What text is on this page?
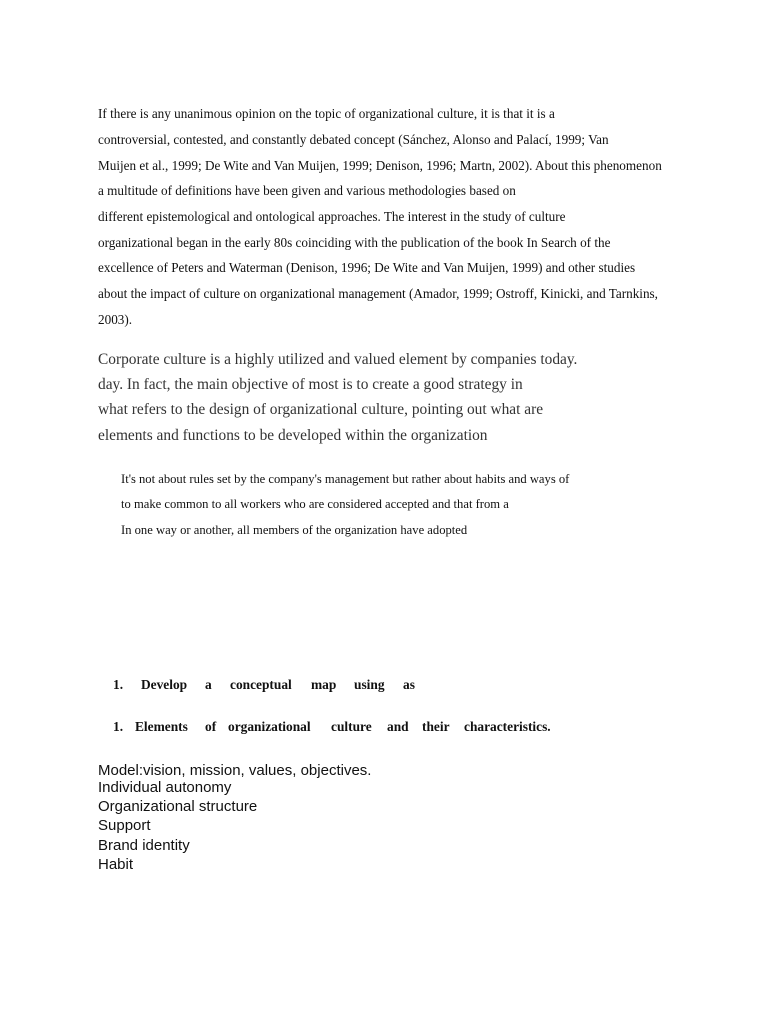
If there is any unanimous opinion on the topic of organizational culture, it is that it is a
controversial, contested, and constantly debated concept (Sánchez, Alonso and Palací, 1999; Van
Muijen et al., 1999; De Wite and Van Muijen, 1999; Denison, 1996; Martn, 2002). About this phenomenon
a multitude of definitions have been given and various methodologies based on
different epistemological and ontological approaches. The interest in the study of culture
organizational began in the early 80s coinciding with the publication of the book In Search of the
excellence of Peters and Waterman (Denison, 1996; De Wite and Van Muijen, 1999) and other studies
about the impact of culture on organizational management (Amador, 1999; Ostroff, Kinicki, and Tarnkins,
2003).
Corporate culture is a highly utilized and valued element by companies today.
day. In fact, the main objective of most is to create a good strategy in
what refers to the design of organizational culture, pointing out what are
elements and functions to be developed within the organization
It's not about rules set by the company's management but rather about habits and ways of
to make common to all workers who are considered accepted and that from a
In one way or another, all members of the organization have adopted
1. Develop a conceptual map using as
1. Elements of organizational culture and their characteristics.
Model:vision, mission, values, objectives.
Individual autonomy
Organizational structure
Support
Brand identity
Habit
